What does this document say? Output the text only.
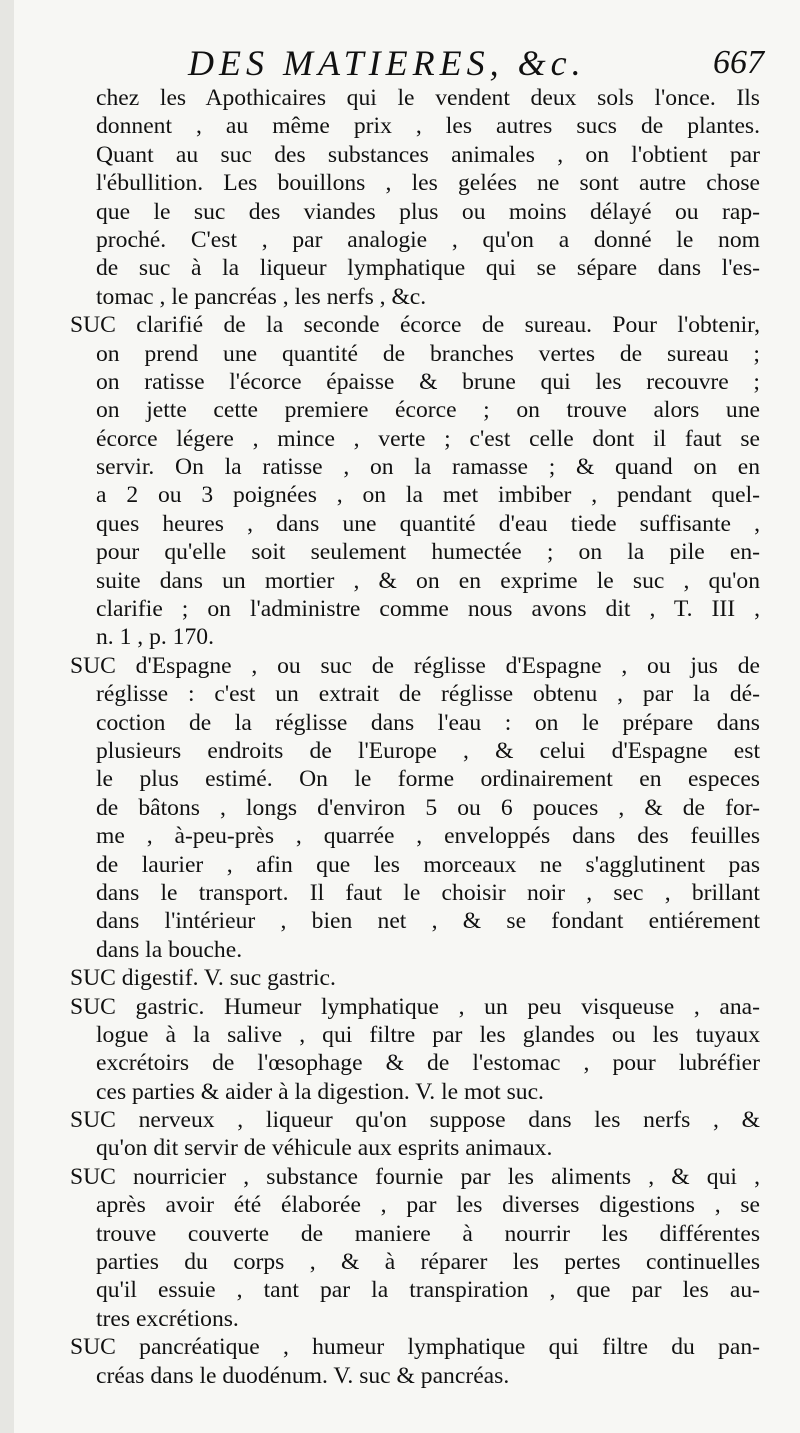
DES MATIERES, &c.	667
chez les Apothicaires qui le vendent deux sols l'once. Ils
donnent , au même prix , les autres sucs de plantes.
Quant au suc des substances animales , on l'obtient par
l'ébullition. Les bouillons , les gelées ne sont autre chose
que le suc des viandes plus ou moins délayé ou rap-
proché. C'est , par analogie , qu'on a donné le nom
de suc à la liqueur lymphatique qui se sépare dans l'es-
tomac , le pancréas , les nerfs , &c.
SUC clarifié de la seconde écorce de sureau. Pour l'obtenir,
on prend une quantité de branches vertes de sureau ;
on ratisse l'écorce épaisse & brune qui les recouvre ;
on jette cette premiere écorce ; on trouve alors une
écorce légere , mince , verte ; c'est celle dont il faut se
servir. On la ratisse , on la ramasse ; & quand on en
a 2 ou 3 poignées , on la met imbiber , pendant quel-
ques heures , dans une quantité d'eau tiede suffisante ,
pour qu'elle soit seulement humectée ; on la pile en-
suite dans un mortier , & on en exprime le suc , qu'on
clarifie ; on l'administre comme nous avons dit , T. III ,
n. 1 , p. 170.
SUC d'Espagne , ou suc de réglisse d'Espagne , ou jus de
réglisse : c'est un extrait de réglisse obtenu , par la dé-
coction de la réglisse dans l'eau : on le prépare dans
plusieurs endroits de l'Europe , & celui d'Espagne est
le plus estimé. On le forme ordinairement en especes
de bâtons , longs d'environ 5 ou 6 pouces , & de for-
me , à-peu-près , quarrée , enveloppés dans des feuilles
de laurier , afin que les morceaux ne s'agglutinent pas
dans le transport. Il faut le choisir noir , sec , brillant
dans l'intérieur , bien net , & se fondant entiérement
dans la bouche.
SUC digestif. V. suc gastric.
SUC gastric. Humeur lymphatique , un peu visqueuse , ana-
logue à la salive , qui filtre par les glandes ou les tuyaux
excrétoirs de l'œsophage & de l'estomac , pour lubréfier
ces parties & aider à la digestion. V. le mot suc.
SUC nerveux , liqueur qu'on suppose dans les nerfs , &
qu'on dit servir de véhicule aux esprits animaux.
SUC nourricier , substance fournie par les aliments , & qui ,
après avoir été élaborée , par les diverses digestions , se
trouve couverte de maniere à nourrir les différentes
parties du corps , & à réparer les pertes continuelles
qu'il essuie , tant par la transpiration , que par les au-
tres excrétions.
SUC pancréatique , humeur lymphatique qui filtre du pan-
créas dans le duodénum. V. suc & pancréas.
